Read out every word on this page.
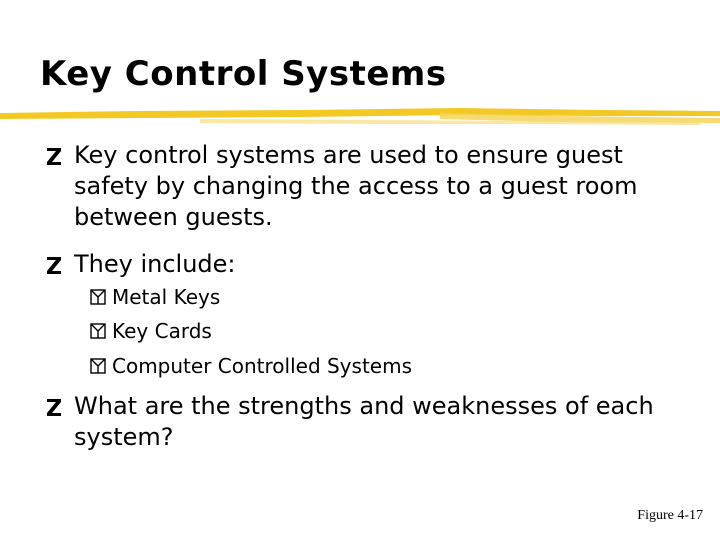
Key Control Systems
Key control systems are used to ensure guest safety by changing the access to a guest room between guests.
They include:
Metal Keys
Key Cards
Computer Controlled Systems
What are the strengths and weaknesses of each system?
Figure 4-17
